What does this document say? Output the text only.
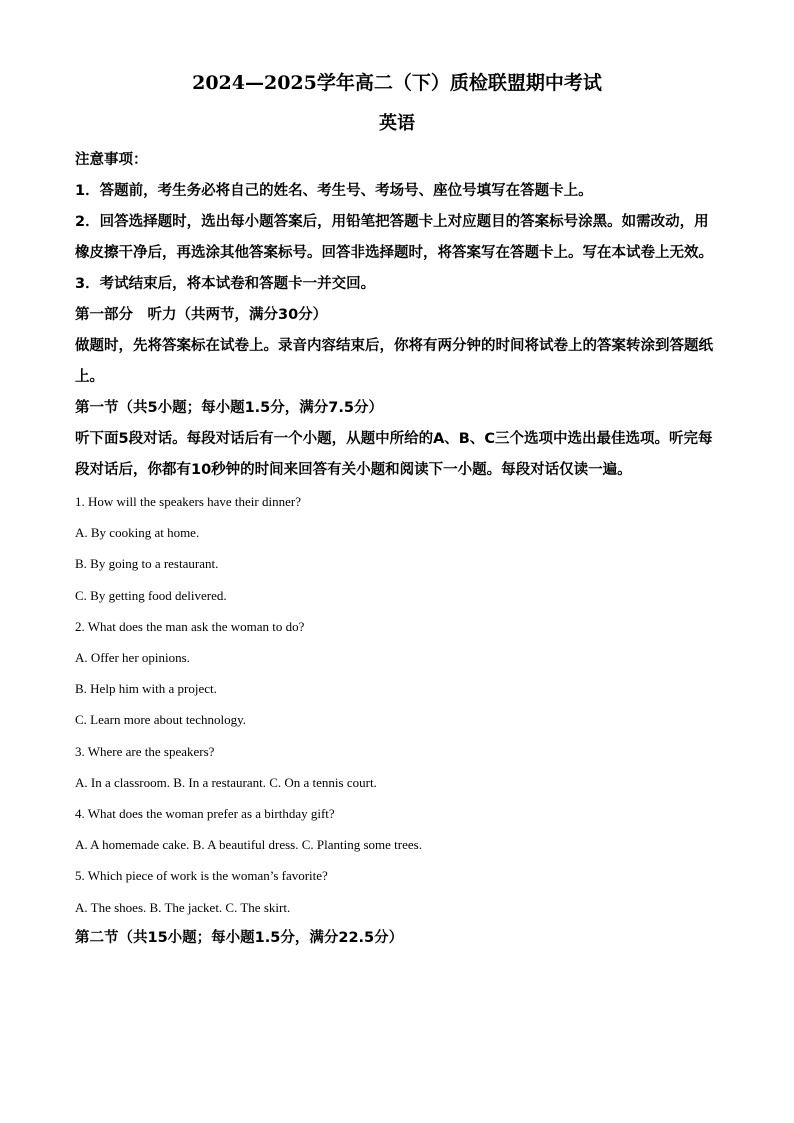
2024—2025学年高二（下）质检联盟期中考试
英语

注意事项：

1．答题前，考生务必将自己的姓名、考生号、考场号、座位号填写在答题卡上。

2．回答选择题时，选出每小题答案后，用铅笔把答题卡上对应题目的答案标号涂黑。如需改动，用橡皮擦干净后，再选涂其他答案标号。回答非选择题时，将答案写在答题卡上。写在本试卷上无效。

3．考试结束后，将本试卷和答题卡一并交回。

第一部分　听力（共两节，满分30分）

做题时，先将答案标在试卷上。录音内容结束后，你将有两分钟的时间将试卷上的答案转涂到答题纸上。

第一节（共5小题；每小题1.5分，满分7.5分）

听下面5段对话。每段对话后有一个小题，从题中所给的A、B、C三个选项中选出最佳选项。听完每段对话后，你都有10秒钟的时间来回答有关小题和阅读下一小题。每段对话仅读一遍。

1. How will the speakers have their dinner?

A. By cooking at home.

B. By going to a restaurant.

C. By getting food delivered.

2. What does the man ask the woman to do?

A. Offer her opinions.

B. Help him with a project.

C. Learn more about technology.

3. Where are the speakers?

A. In a classroom. B. In a restaurant. C. On a tennis court.

4. What does the woman prefer as a birthday gift?

A. A homemade cake. B. A beautiful dress. C. Planting some trees.

5. Which piece of work is the woman’s favorite?

A. The shoes. B. The jacket. C. The skirt.

第二节（共15小题；每小题1.5分，满分22.5分）
